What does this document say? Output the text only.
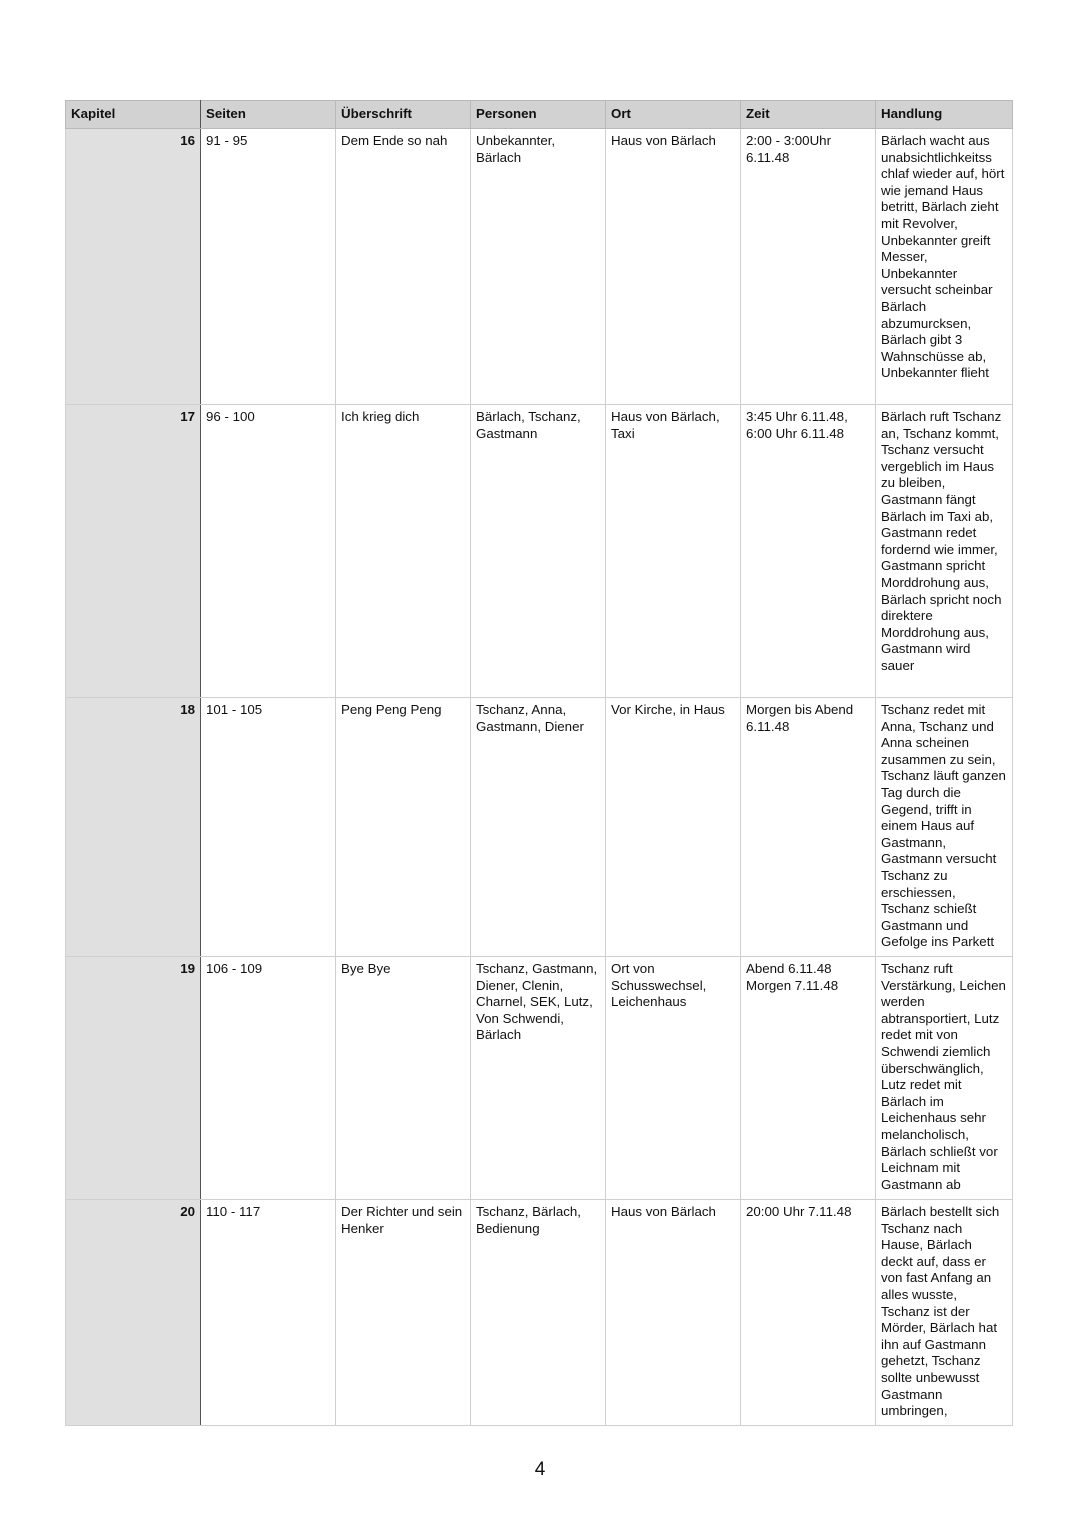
Kapitel	Seiten	Überschrift	Personen	Ort	Zeit	Handlung
16	91 - 95	Dem Ende so nah	Unbekannter, Bärlach	Haus von Bärlach	2:00 - 3:00Uhr 6.11.48	Bärlach wacht aus unabsichtlichkeitss chlaf wieder auf, hört wie jemand Haus betritt, Bärlach zieht mit Revolver, Unbekannter greift Messer, Unbekannter versucht scheinbar Bärlach abzumurcksen, Bärlach gibt 3 Wahnschüsse ab, Unbekannter flieht
17	96 - 100	Ich krieg dich	Bärlach, Tschanz, Gastmann	Haus von Bärlach, Taxi	3:45 Uhr 6.11.48, 6:00 Uhr 6.11.48	Bärlach ruft Tschanz an, Tschanz kommt, Tschanz versucht vergeblich im Haus zu bleiben, Gastmann fängt Bärlach im Taxi ab, Gastmann redet fordernd wie immer, Gastmann spricht Morddrohung aus, Bärlach spricht noch direktere Morddrohung aus, Gastmann wird sauer
18	101 - 105	Peng Peng Peng	Tschanz, Anna, Gastmann, Diener	Vor Kirche, in Haus	Morgen bis Abend 6.11.48	Tschanz redet mit Anna, Tschanz und Anna scheinen zusammen zu sein, Tschanz läuft ganzen Tag durch die Gegend, trifft in einem Haus auf Gastmann, Gastmann versucht Tschanz zu erschiessen, Tschanz schießt Gastmann und Gefolge ins Parkett
19	106 - 109	Bye Bye	Tschanz, Gastmann, Diener, Clenin, Charnel, SEK, Lutz, Von Schwendi, Bärlach	Ort von Schusswechsel, Leichenhaus	Abend 6.11.48 Morgen 7.11.48	Tschanz ruft Verstärkung, Leichen werden abtransportiert, Lutz redet mit von Schwendi ziemlich überschwänglich, Lutz redet mit Bärlach im Leichenhaus sehr melancholisch, Bärlach schließt vor Leichnam mit Gastmann ab
20	110 - 117	Der Richter und sein Henker	Tschanz, Bärlach, Bedienung	Haus von Bärlach	20:00 Uhr 7.11.48	Bärlach bestellt sich Tschanz nach Hause, Bärlach deckt auf, dass er von fast Anfang an alles wusste, Tschanz ist der Mörder, Bärlach hat ihn auf Gastmann gehetzt, Tschanz sollte unbewusst Gastmann umbringen,
4
